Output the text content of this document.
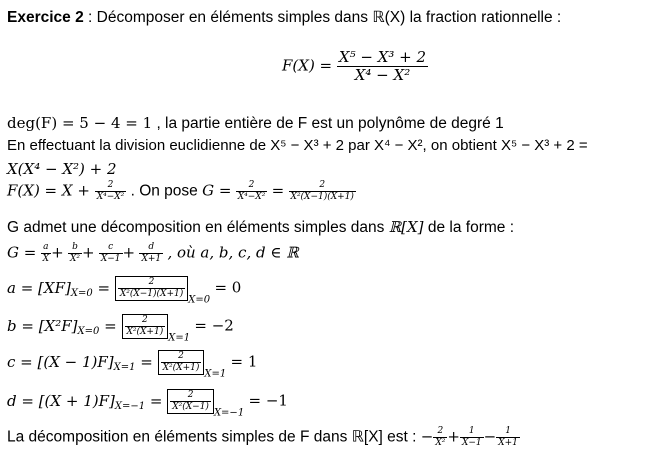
Exercice 2 : Décomposer en éléments simples dans ℝ(X) la fraction rationnelle :
$F(X) = \frac{\text{X⁵ − X³ + 2}}{\text{X⁴ − X²}}$
deg(F) = 5 − 4 = 1 , la partie entière de F est un polynôme de degré 1
En effectuant la division euclidienne de X⁵ − X³ + 2 par X⁴ − X², on obtient X⁵ − X³ + 2 =
X(X⁴ − X²) + 2
$F(X) = X + \frac{2}{\text{X⁴−X²}}$ . On pose $G = \frac{2}{\text{X⁴−X²}} = \frac{2}{\text{X²(X−1)(X+1)}}$
G admet une décomposition en éléments simples dans ℝ[X] de la forme :
$G = \frac{a}{X} + \frac{b}{\text{X²}} + \frac{c}{X-1} + \frac{d}{X+1}$ , où a, b, c, d ∈ ℝ
$a = [XF]_{X=0} = \frac{2}{\text{X²(X−1)(X+1)}}$
$_{X=0}$ = 0
$b = [X^2F]_{X=0} = \frac{2}{\text{X²(X+1)}}$
$_{X=1}$ = −2
$c = [(X - 1)F]_{X=1} = \frac{2}{\text{X²(X+1)}}$
$_{X=1}$ = 1
$d = [(X + 1)F]_{X=-1} = \frac{2}{\text{X²(X−1)}}$
$_{X=-1}$ = −1
La décomposition en éléments simples de F dans ℝ[X] est : − $\frac{2}{\text{X²}} + \frac{1}{X-1} - \frac{1}{X+1}$
